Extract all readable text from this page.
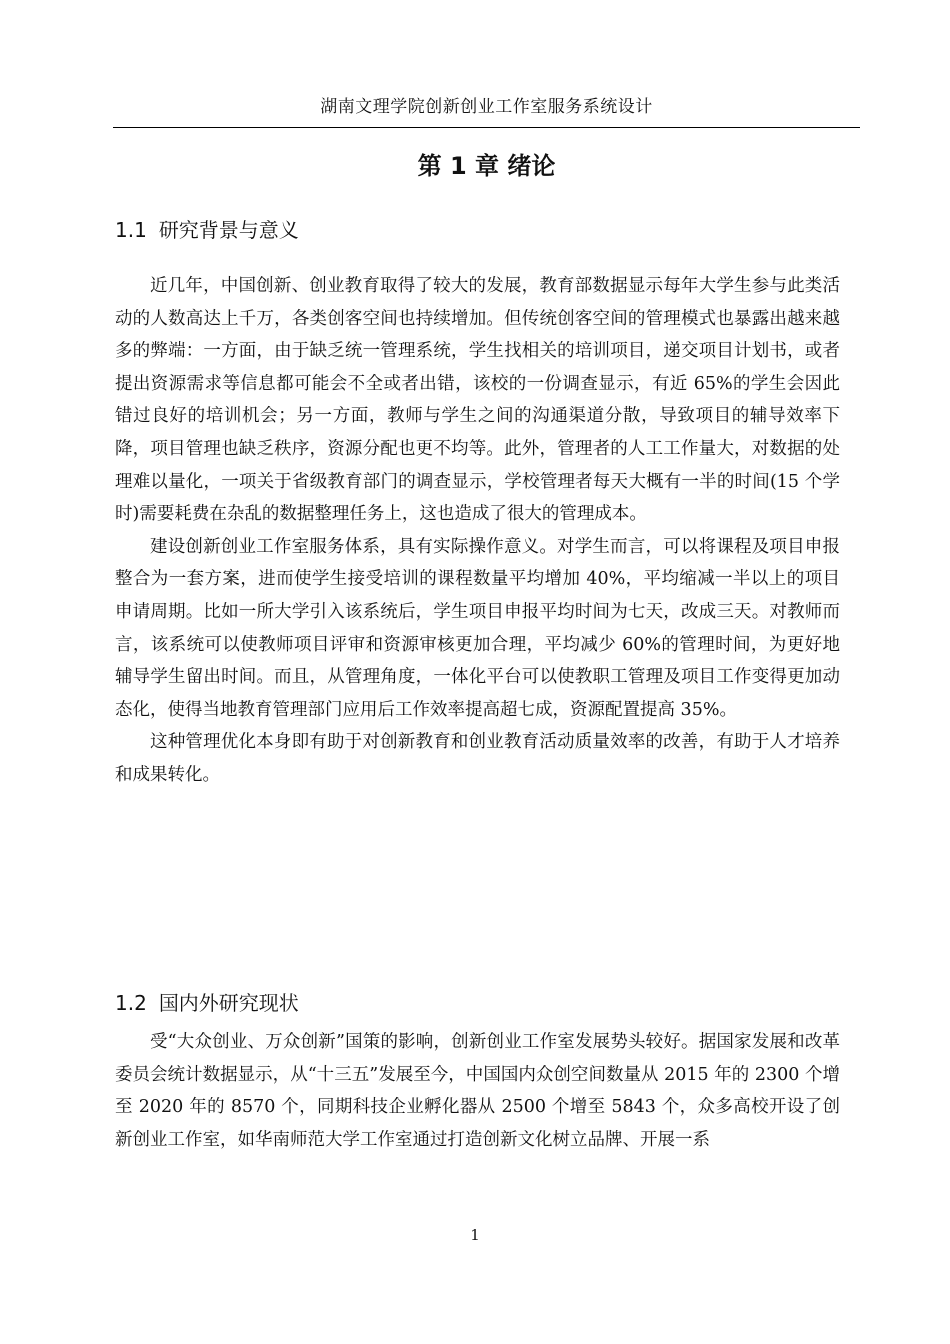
湖南文理学院创新创业工作室服务系统设计
第 1 章 绪论
1.1 研究背景与意义

近几年，中国创新、创业教育取得了较大的发展，教育部数据显示每年大学生参与此类活动的人数高达上千万，各类创客空间也持续增加。但传统创客空间的管理模式也暴露出越来越多的弊端：一方面，由于缺乏统一管理系统，学生找相关的培训项目，递交项目计划书，或者提出资源需求等信息都可能会不全或者出错，该校的一份调查显示，有近 65%的学生会因此错过良好的培训机会；另一方面，教师与学生之间的沟通渠道分散，导致项目的辅导效率下降，项目管理也缺乏秩序，资源分配也更不均等。此外，管理者的人工工作量大，对数据的处理难以量化，一项关于省级教育部门的调查显示，学校管理者每天大概有一半的时间(15 个学时)需要耗费在杂乱的数据整理任务上，这也造成了很大的管理成本。

建设创新创业工作室服务体系，具有实际操作意义。对学生而言，可以将课程及项目申报整合为一套方案，进而使学生接受培训的课程数量平均增加 40%，平均缩减一半以上的项目申请周期。比如一所大学引入该系统后，学生项目申报平均时间为七天，改成三天。对教师而言，该系统可以使教师项目评审和资源审核更加合理，平均减少 60%的管理时间，为更好地辅导学生留出时间。而且，从管理角度，一体化平台可以使教职工管理及项目工作变得更加动态化，使得当地教育管理部门应用后工作效率提高超七成，资源配置提高 35%。

这种管理优化本身即有助于对创新教育和创业教育活动质量效率的改善，有助于人才培养和成果转化。

1.2 国内外研究现状

受“大众创业、万众创新”国策的影响，创新创业工作室发展势头较好。据国家发展和改革委员会统计数据显示，从“十三五”发展至今，中国国内众创空间数量从 2015 年的 2300 个增至 2020 年的 8570 个，同期科技企业孵化器从 2500 个增至 5843 个，众多高校开设了创新创业工作室，如华南师范大学工作室通过打造创新文化树立品牌、开展一系

1
